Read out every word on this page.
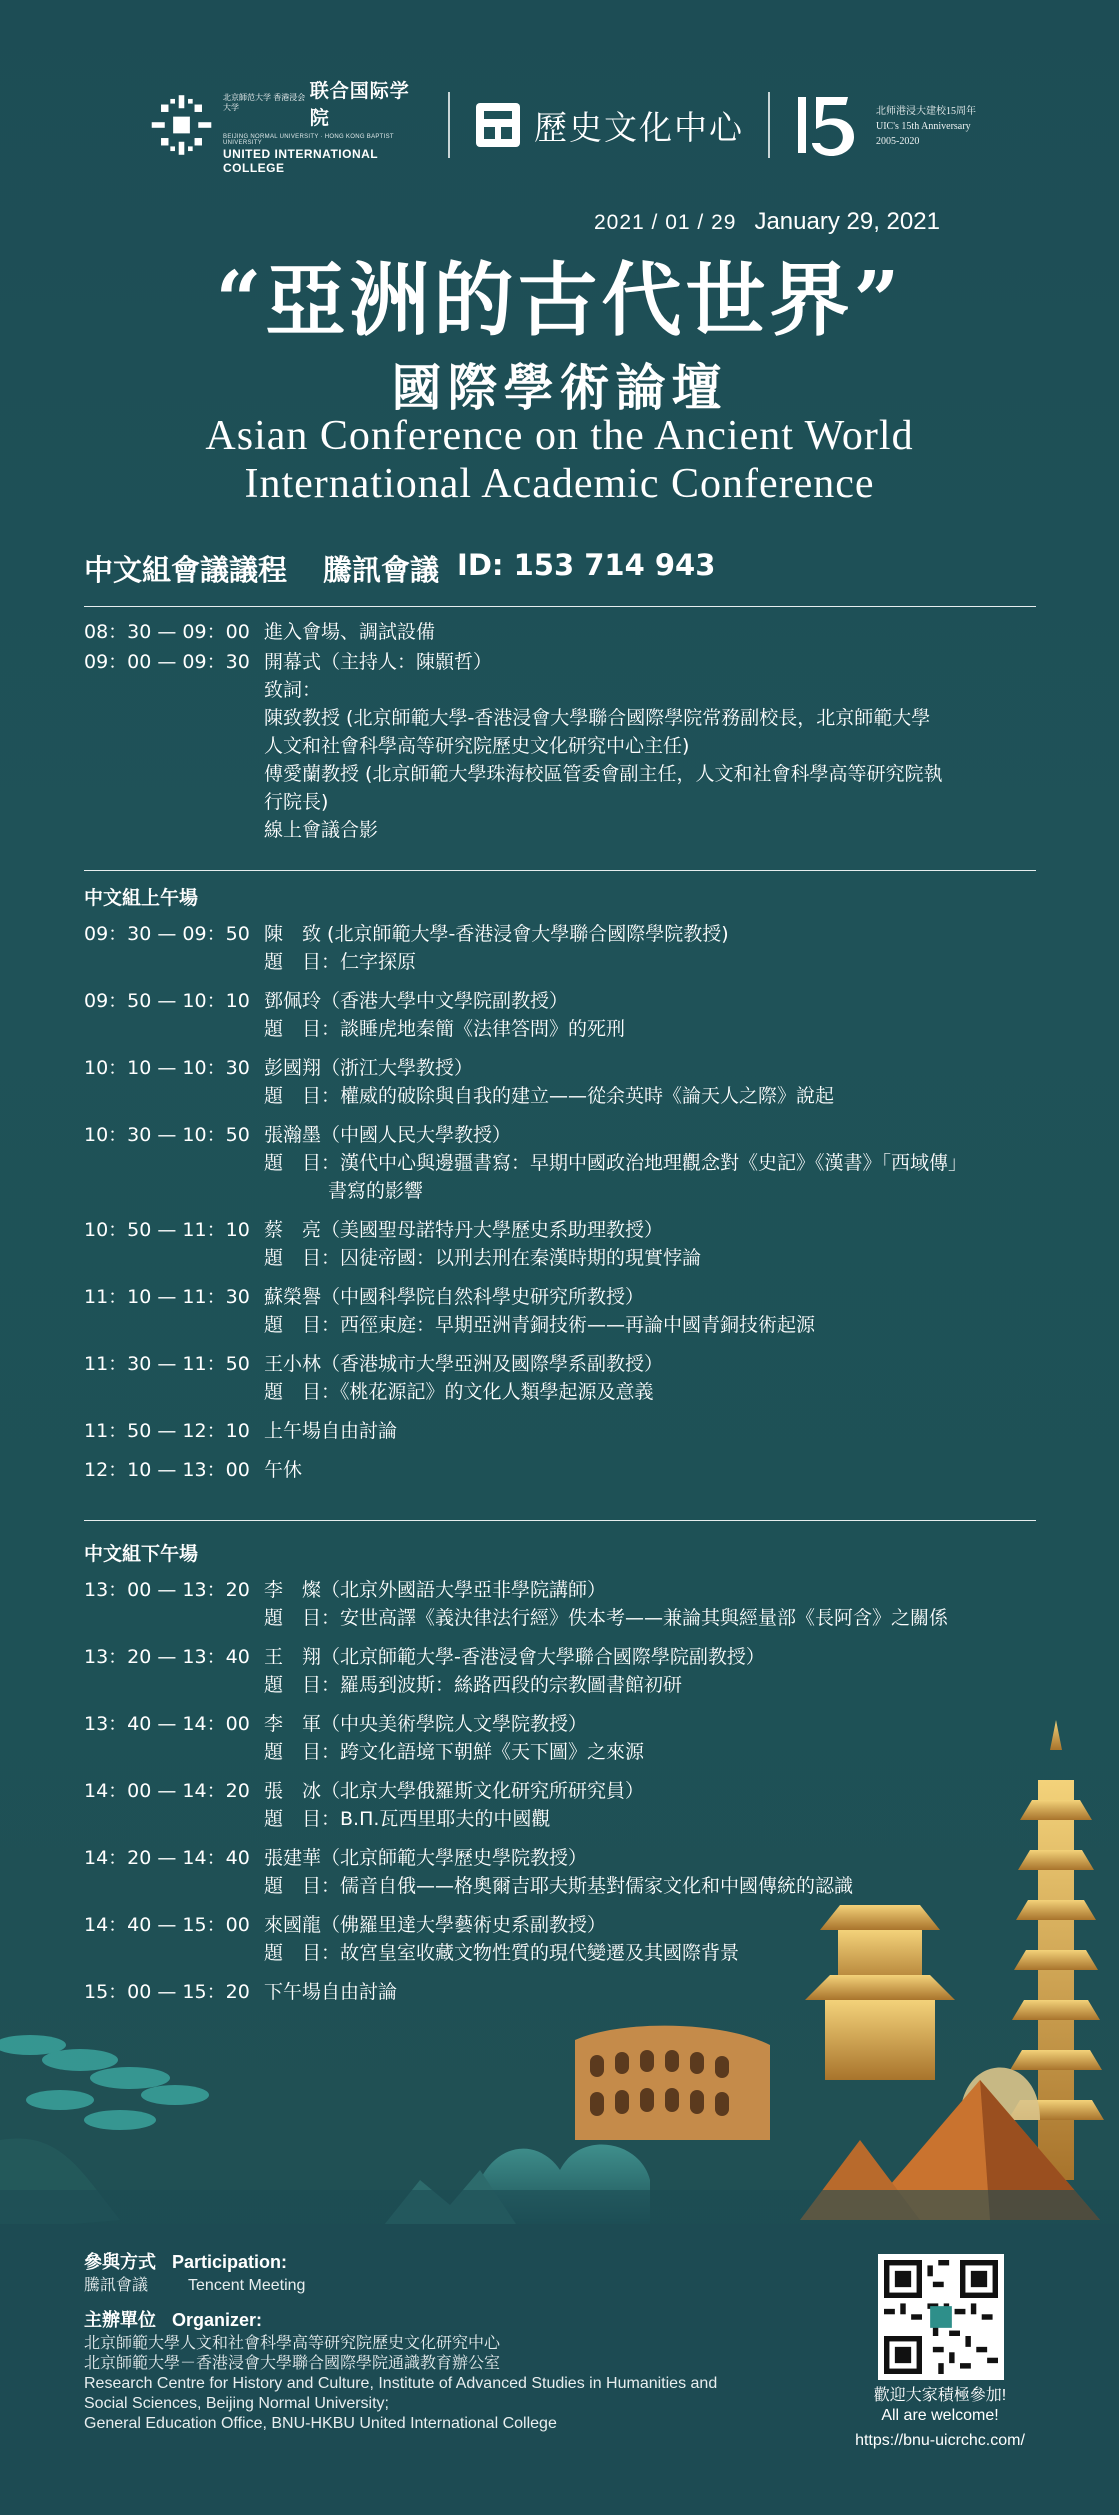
北京師范大学 香港浸会大学
联合国际学院
BEIJING NORMAL UNIVERSITY · HONG KONG BAPTIST UNIVERSITY
UNITED INTERNATIONAL COLLEGE
歷史文化中心	北师港浸大建校15周年
UIC's 15th Anniversary
2005-2020
2021 / 01 / 29 January 29, 2021
“亞洲的古代世界”
國際學術論壇
Asian Conference on the Ancient World
International Academic Conference
中文組會議議程 騰訊會議 ID: 153 714 943
08：30 — 09：00 進入會場、調試設備
09：00 — 09：30 開幕式（主持人：陳顥哲）
致詞：
陳致教授 (北京師範大學-香港浸會大學聯合國際學院常務副校長，北京師範大學
人文和社會科學高等研究院歷史文化研究中心主任)
傅愛蘭教授 (北京師範大學珠海校區管委會副主任，人文和社會科學高等研究院執
行院長)
線上會議合影
中文組上午場
09：30 — 09：50 陳　致 (北京師範大學-香港浸會大學聯合國際學院教授)
題　目：仁字探原
09：50 — 10：10 鄧佩玲（香港大學中文學院副教授）
題　目：談睡虎地秦簡《法律答問》的死刑
10：10 — 10：30 彭國翔（浙江大學教授）
題　目：權威的破除與自我的建立——從余英時《論天人之際》說起
10：30 — 10：50 張瀚墨（中國人民大學教授）
題　目：漢代中心與邊疆書寫：早期中國政治地理觀念對《史記》《漢書》「西域傳」
書寫的影響
10：50 — 11：10 蔡　亮（美國聖母諾特丹大學歷史系助理教授）
題　目：囚徒帝國：以刑去刑在秦漢時期的現實悖論
11：10 — 11：30 蘇榮譽（中國科學院自然科學史研究所教授）
題　目：西徑東庭：早期亞洲青銅技術——再論中國青銅技術起源
11：30 — 11：50 王小林（香港城市大學亞洲及國際學系副教授）
題　目：《桃花源記》的文化人類學起源及意義
11：50 — 12：10 上午場自由討論
12：10 — 13：00 午休
中文組下午場
13：00 — 13：20 李　燦（北京外國語大學亞非學院講師）
題　目：安世高譯《義決律法行經》佚本考——兼論其與經量部《長阿含》之關係
13：20 — 13：40 王　翔（北京師範大學-香港浸會大學聯合國際學院副教授）
題　目：羅馬到波斯：絲路西段的宗教圖書館初研
13：40 — 14：00 李　軍（中央美術學院人文學院教授）
題　目：跨文化語境下朝鮮《天下圖》之來源
14：00 — 14：20 張　冰（北京大學俄羅斯文化研究所研究員）
題　目：B.П.瓦西里耶夫的中國觀
14：20 — 14：40 張建華（北京師範大學歷史學院教授）
題　目：儒音自俄——格奧爾吉耶夫斯基對儒家文化和中國傳統的認識
14：40 — 15：00 來國龍（佛羅里達大學藝術史系副教授）
題　目：故宮皇室收藏文物性質的現代變遷及其國際背景
15：00 — 15：20 下午場自由討論
參與方式 Participation:
騰訊會議	Tencent Meeting
主辦單位 Organizer:
北京師範大學人文和社會科學高等研究院歷史文化研究中心
北京師範大學－香港浸會大學聯合國際學院通識教育辦公室
Research Centre for History and Culture, Institute of Advanced Studies in Humanities and
Social Sciences, Beijing Normal University;
General Education Office, BNU-HKBU United International College
歡迎大家積極參加!
All are welcome!
https://bnu-uicrchc.com/
